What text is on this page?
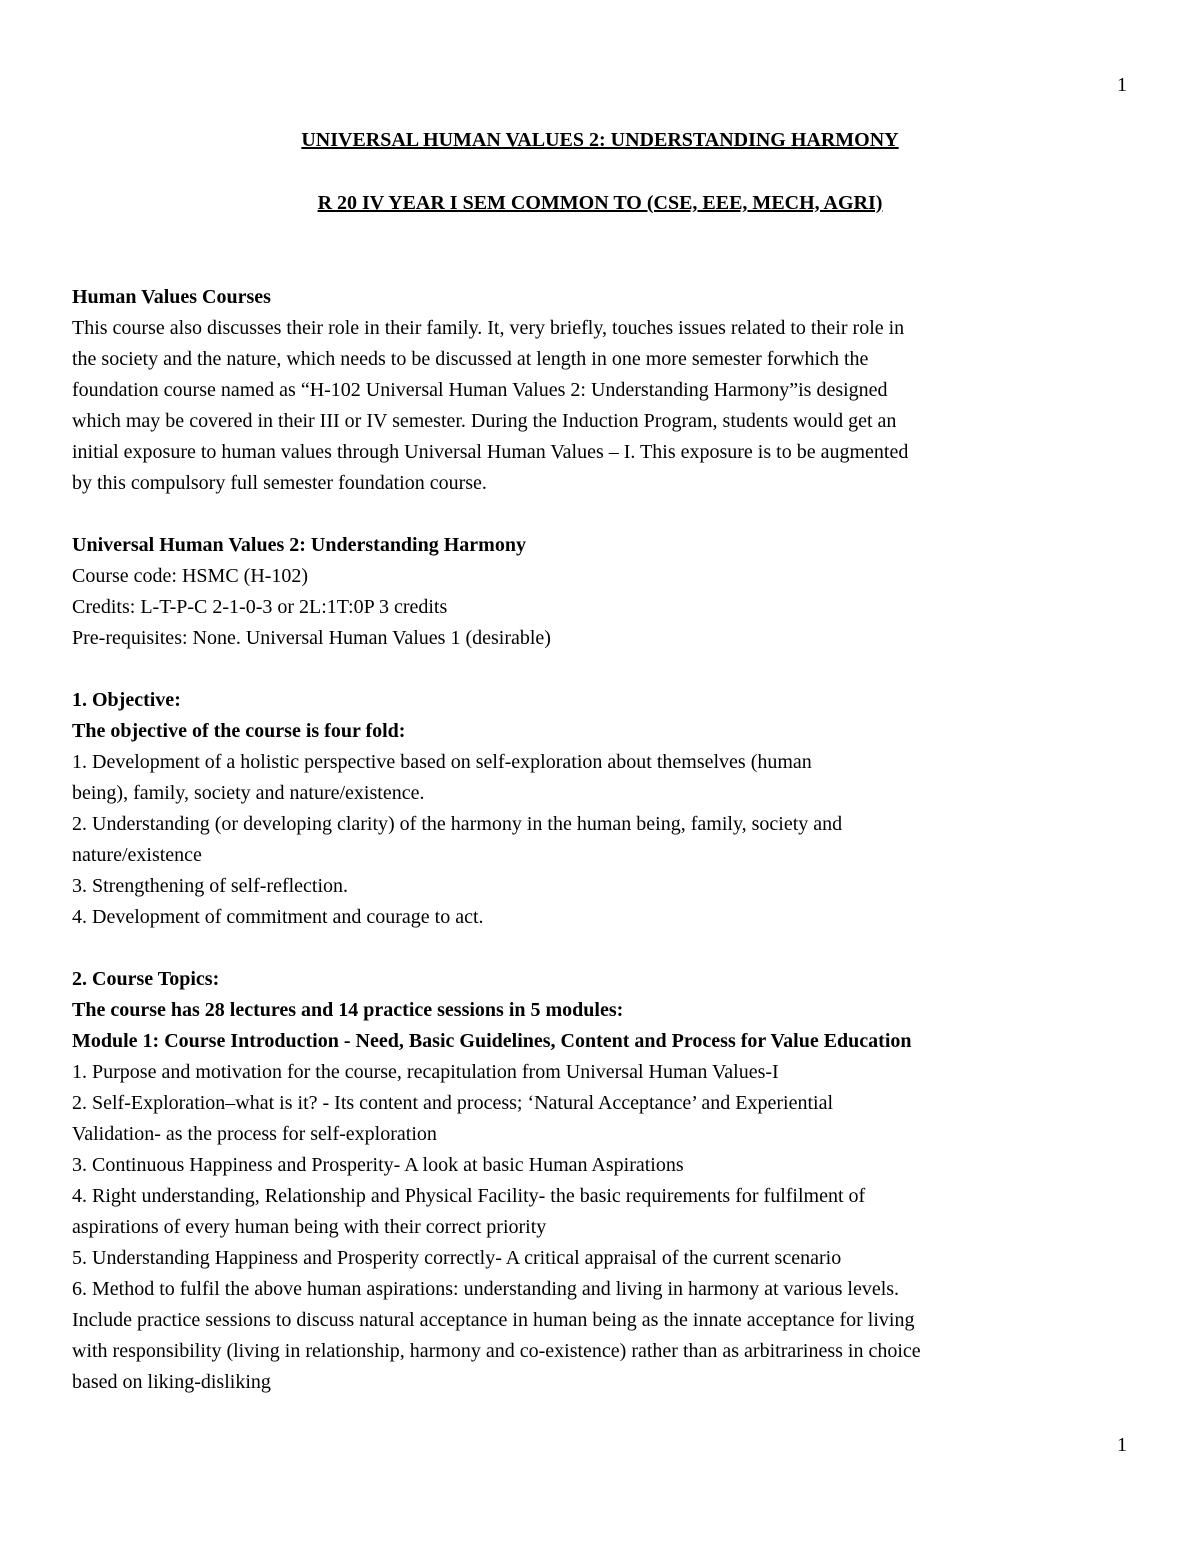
1
UNIVERSAL HUMAN VALUES 2: UNDERSTANDING HARMONY
R 20 IV YEAR I SEM COMMON TO (CSE, EEE, MECH, AGRI)

Human Values Courses

This course also discusses their role in their family. It, very briefly, touches issues related to their role in

the society and the nature, which needs to be discussed at length in one more semester forwhich the

foundation course named as “H-102 Universal Human Values 2: Understanding Harmony”is designed

which may be covered in their III or IV semester. During the Induction Program, students would get an

initial exposure to human values through Universal Human Values – I. This exposure is to be augmented

by this compulsory full semester foundation course.

Universal Human Values 2: Understanding Harmony

Course code: HSMC (H-102)

Credits: L-T-P-C 2-1-0-3 or 2L:1T:0P 3 credits

Pre-requisites: None. Universal Human Values 1 (desirable)

1. Objective:

The objective of the course is four fold:

1. Development of a holistic perspective based on self-exploration about themselves (human

being), family, society and nature/existence.

2. Understanding (or developing clarity) of the harmony in the human being, family, society and

nature/existence

3. Strengthening of self-reflection.

4. Development of commitment and courage to act.

2. Course Topics:

The course has 28 lectures and 14 practice sessions in 5 modules:

Module 1: Course Introduction - Need, Basic Guidelines, Content and Process for Value Education

1. Purpose and motivation for the course, recapitulation from Universal Human Values-I

2. Self-Exploration–what is it? - Its content and process; ‘Natural Acceptance’ and Experiential

Validation- as the process for self-exploration

3. Continuous Happiness and Prosperity- A look at basic Human Aspirations

4. Right understanding, Relationship and Physical Facility- the basic requirements for fulfilment of

aspirations of every human being with their correct priority

5. Understanding Happiness and Prosperity correctly- A critical appraisal of the current scenario

6. Method to fulfil the above human aspirations: understanding and living in harmony at various levels.

Include practice sessions to discuss natural acceptance in human being as the innate acceptance for living

with responsibility (living in relationship, harmony and co-existence) rather than as arbitrariness in choice

based on liking-disliking

1
